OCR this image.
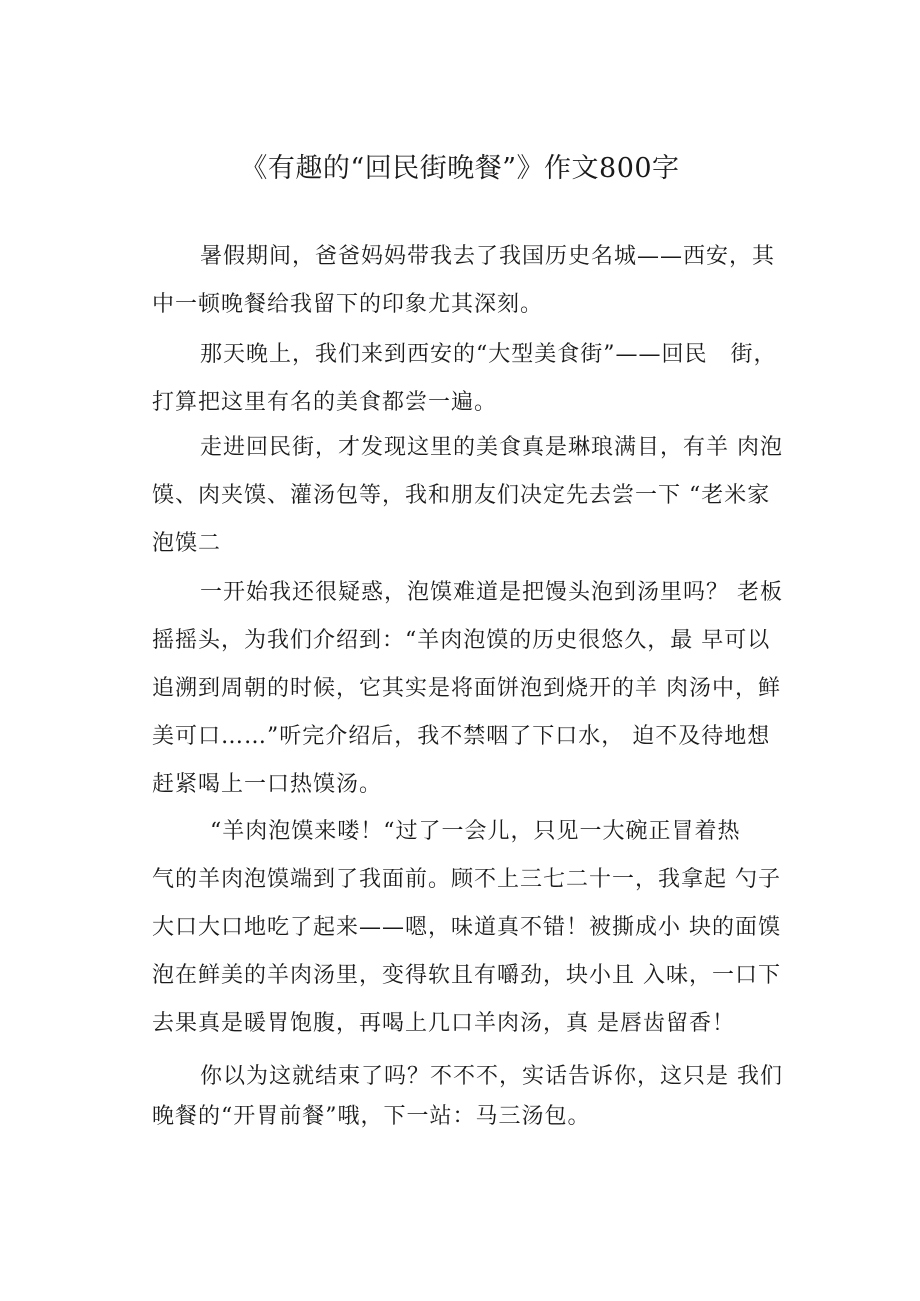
《有趣的“回民街晚餐”》作文800字
暑假期间，爸爸妈妈带我去了我国历史名城——西安，其
中一顿晚餐给我留下的印象尤其深刻。
那天晚上，我们来到西安的“大型美食街”——回民　街，
打算把这里有名的美食都尝一遍。
走进回民街，才发现这里的美食真是琳琅满目，有羊 肉泡
馍、肉夹馍、灌汤包等，我和朋友们决定先去尝一下 “老米家
泡馍二
一开始我还很疑惑，泡馍难道是把馒头泡到汤里吗？ 老板
摇摇头，为我们介绍到：“羊肉泡馍的历史很悠久，最 早可以
追溯到周朝的时候，它其实是将面饼泡到烧开的羊 肉汤中，鲜
美可口……”听完介绍后，我不禁咽了下口水， 迫不及待地想
赶紧喝上一口热馍汤。
“羊肉泡馍来喽！“过了一会儿，只见一大碗正冒着热
气的羊肉泡馍端到了我面前。顾不上三七二十一，我拿起 勺子
大口大口地吃了起来——嗯，味道真不错！被撕成小 块的面馍
泡在鲜美的羊肉汤里，变得软且有嚼劲，块小且 入味，一口下
去果真是暖胃饱腹，再喝上几口羊肉汤，真 是唇齿留香！
你以为这就结束了吗？不不不，实话告诉你，这只是 我们
晚餐的“开胃前餐”哦，下一站：马三汤包。
